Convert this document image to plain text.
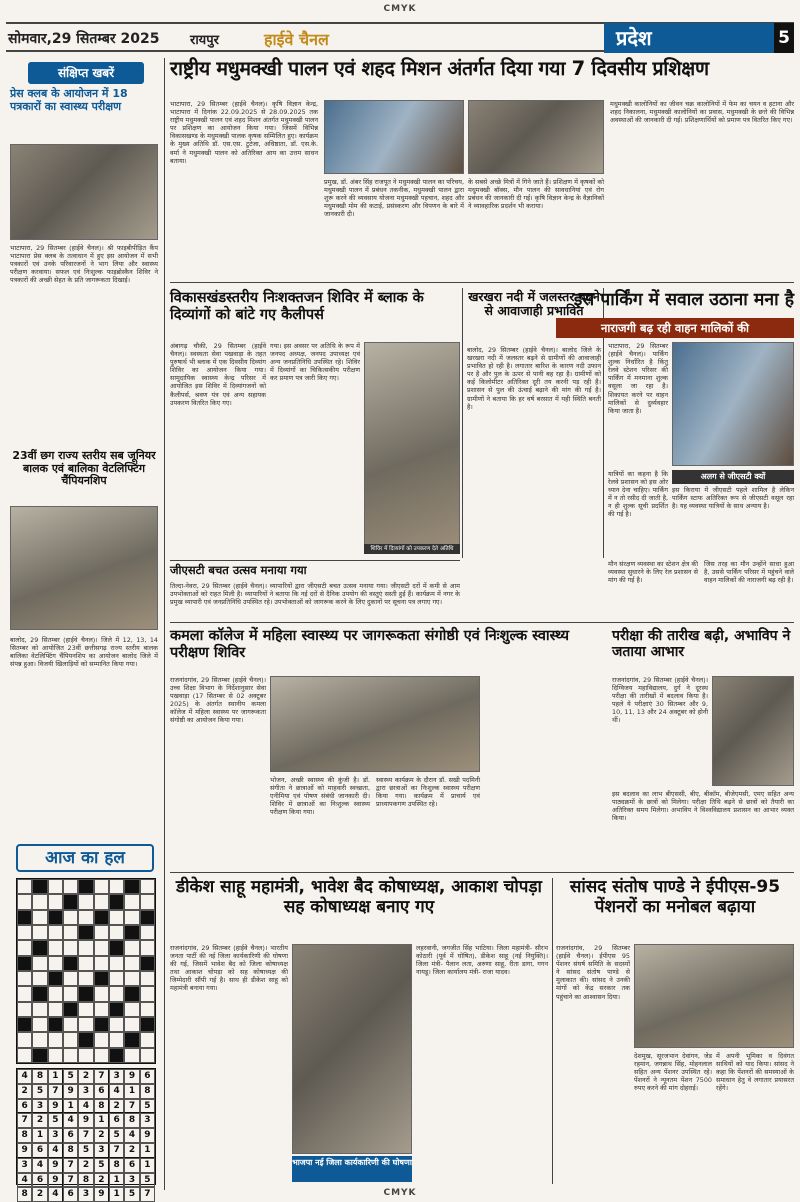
CMYK
सोमवार,29 सितम्बर 2025 रायपुर	हाईवे चैनल	प्रदेश	5
संक्षिप्त खबरें
प्रेस क्लब के आयोजन में 18 पत्रकारों का स्वास्थ्य परीक्षण
भाटापारा, 29 सितम्बर (हाईवे चैनल)। श्री फाइबीपीड़ित कैंप भाटापारा प्रेस क्लब के तत्वाधान में हुए इस आयोजन में सभी पत्रकारों एवं उनके परिवारजनों ने भाग लिया और स्वास्थ्य परीक्षण करवाया। सफल एवं निःशुल्क फाइब्रोस्कैन शिविर ने पत्रकारों की अच्छी सेहत के प्रति जागरूकता दिखाई।
23वीं छग राज्य स्तरीय सब जूनियर बालक एवं बालिका वेटलिफ्टिंग चैंपियनशिप
बालोद, 29 सितम्बर (हाईवे चैनल)। जिले में 12, 13, 14 सितम्बर को आयोजित 23वीं छत्तीसगढ़ राज्य स्तरीय बालक बालिका वेटलिफ्टिंग चैंपियनशिप का आयोजन बालोद जिले में संपन्न हुआ। विजयी खिलाड़ियों को सम्मानित किया गया।
आज का हल
4	8	1	5	2	7	3	9	6
2	5	7	9	3	6	4	1	8
6	3	9	1	4	8	2	7	5
7	2	5	4	9	1	6	8	3
8	1	3	6	7	2	5	4	9
9	6	4	8	5	3	7	2	1
3	4	9	7	2	5	8	6	1
4	6	9	7	8	2	1	3	5
8	2	4	6	3	9	1	5	7
राष्ट्रीय मधुमक्खी पालन एवं शहद मिशन अंतर्गत दिया गया 7 दिवसीय प्रशिक्षण
भाटापारा, 29 सितम्बर (हाईवे चैनल)। कृषि विज्ञान केन्द्र, भाटापारा में दिनांक 22.09.2025 से 28.09.2025 तक राष्ट्रीय मधुमक्खी पालन एवं शहद मिशन अंतर्गत मधुमक्खी पालन पर प्रशिक्षण का आयोजन किया गया। जिसमें विभिन्न विकासखण्ड के मधुमक्खी पालक कृषक सम्मिलित हुए। कार्यक्रम के मुख्य अतिथि डॉ. एस.एस. टुटेजा, अधिष्ठाता, डॉ. एस.के. वर्मा ने मधुमक्खी पालन को अतिरिक्त आय का उत्तम साधन बताया।
प्रमुख, डॉ. अंबर सिंह राजपूत ने मधुमक्खी पालन का परिचय, मधुमक्खी पालन में प्रबंधन तकनीक, मधुमक्खी पालन द्वारा शुरू करने की व्यवसाय योजना मधुमक्खी पहचान, शहद और मधुमक्खी मोम की कटाई, प्रसंस्करण और विपणन के बारे में जानकारी दी।
के सबसे अच्छे मित्रों में गिने जाते हैं। प्रशिक्षण में कृषकों को मधुमक्खी बॉक्स, मौन पालन की सावधानियां एवं रोग प्रबंधन की जानकारी दी गई। कृषि विज्ञान केन्द्र के वैज्ञानिकों ने व्यावहारिक प्रदर्शन भी कराया।
मधुमक्खी कालोनियों का जीवन चक्र कालोनियों में फेम का चयन व हटाना और शहद निकालना, मधुमक्खी कालोनियों का प्रवास, मधुमक्खी के छत्ते की विभिन्न अवस्थाओं की जानकारी दी गई। प्रशिक्षणार्थियों को प्रमाण पत्र वितरित किए गए।
विकासखंडस्तरीय निःशक्तजन शिविर में ब्लाक के दिव्यांगों को बांटे गए कैलीपर्स
अंबागढ़ चौकी, 29 सितम्बर (हाईवे चैनल)। स्वस्थता सेवा पखवाड़ा के तहत पुरुषार्थ भी ब्लाक में एक दिवसीय दिव्यांग शिविर का आयोजन किया गया। सामुदायिक स्वास्थ्य केन्द्र परिसर में आयोजित इस शिविर में दिव्यांगजनों को कैलीपर्स, श्रवण यंत्र एवं अन्य सहायक उपकरण वितरित किए गए।
गया। इस अवसर पर अतिथि के रूप में जनपद अध्यक्ष, जनपद उपाध्यक्ष एवं अन्य जनप्रतिनिधि उपस्थित रहे। शिविर में दिव्यांगों का चिकित्सकीय परीक्षण कर प्रमाण पत्र जारी किए गए।
शिविर में दिव्यांगों को उपकरण देते अतिथि
खरखरा नदी में जलस्तर बढ़ने से आवाजाही प्रभावित
बालोद, 29 सितम्बर (हाईवे चैनल)। बालोद जिले के खरखरा नदी में जलस्तर बढ़ने से ग्रामीणों की आवाजाही प्रभावित हो रही है। लगातार बारिश के कारण नदी उफान पर है और पुल के ऊपर से पानी बह रहा है। ग्रामीणों को कई किलोमीटर अतिरिक्त दूरी तय करनी पड़ रही है। प्रशासन से पुल की ऊंचाई बढ़ाने की मांग की गई है। ग्रामीणों ने बताया कि हर वर्ष बरसात में यही स्थिति बनती है।
इस पार्किंग में सवाल उठाना मना है
नाराजगी बढ़ रही वाहन मालिकों की
भाटापारा, 29 सितम्बर (हाईवे चैनल)। पार्किंग शुल्क निर्धारित है किंतु रेलवे स्टेशन परिसर की पार्किंग में मनमाना शुल्क वसूला जा रहा है। शिकायत करने पर वाहन मालिकों से दुर्व्यवहार किया जाता है।
यात्रियों का कहना है कि रेलवे प्रशासन को इस ओर ध्यान देना चाहिए। पार्किंग में न तो रसीद दी जाती है, न ही शुल्क सूची प्रदर्शित की गई है।
अलग से जीएसटी क्यों
इस किराया में जीएसटी पहले शामिल है लेकिन पार्किंग स्टाफ अतिरिक्त रूप से जीएसटी वसूल रहा है। यह व्यवस्था यात्रियों के साथ अन्याय है।
मौन संरक्षण व्यवस्था का स्टेशन क्षेत्र की व्यवस्था सुधारने के लिए रेल प्रशासन से मांग की गई है।
जिस तरह का मौन उन्होंने साधा हुआ है, उससे पार्किंग परिसर में पहुंचने वाले वाहन मालिकों की नाराजगी बढ़ रही है।
जीएसटी बचत उत्सव मनाया गया
तिल्दा-नेवरा, 29 सितम्बर (हाईवे चैनल)। व्यापारियों द्वारा जीएसटी बचत उत्सव मनाया गया। जीएसटी दरों में कमी से आम उपभोक्ताओं को राहत मिली है। व्यापारियों ने बताया कि नई दरों से दैनिक उपयोग की वस्तुएं सस्ती हुई हैं। कार्यक्रम में नगर के प्रमुख व्यापारी एवं जनप्रतिनिधि उपस्थित रहे। उपभोक्ताओं को जागरूक करने के लिए दुकानों पर सूचना पत्र लगाए गए।
कमला कॉलेज में महिला स्वास्थ्य पर जागरूकता संगोष्ठी एवं निःशुल्क स्वास्थ्य परीक्षण शिविर
राजनांदगांव, 29 सितम्बर (हाईवे चैनल)। उच्च शिक्षा विभाग के निर्देशानुसार सेवा पखवाड़ा (17 सितम्बर से 02 अक्टूबर 2025) के अंतर्गत स्थानीय कमला कॉलेज में महिला स्वास्थ्य पर जागरूकता संगोष्ठी का आयोजन किया गया।
भोजन, अच्छी स्वास्थ्य की कुंजी है। डॉ. संगीता ने छात्राओं को माहवारी स्वच्छता, एनीमिया एवं पोषण संबंधी जानकारी दी। शिविर में छात्राओं का निःशुल्क स्वास्थ्य परीक्षण किया गया।
स्वास्थ्य कार्यक्रम के दौरान डॉ. सखी पदमिनी द्वारा छात्राओं का निःशुल्क स्वास्थ्य परीक्षण किया गया। कार्यक्रम में प्राचार्य एवं प्राध्यापकगण उपस्थित रहे।
परीक्षा की तारीख बढ़ी, अभाविप ने जताया आभार
राजनांदगांव, 29 सितम्बर (हाईवे चैनल)। दिग्विजय महाविद्यालय, दुर्ग ने दूरस्थ परीक्षा की तारीखों में बदलाव किया है। पहले ये परीक्षाएं 30 सितम्बर और 9, 10, 11, 13 और 24 अक्टूबर को होनी थीं।
इस बदलाव का लाभ बीएससी, बीए, बीकॉम, बीजेएमसी, एमए सहित अन्य पाठ्यक्रमों के छात्रों को मिलेगा। परीक्षा तिथि बढ़ने से छात्रों को तैयारी का अतिरिक्त समय मिलेगा। अभाविप ने विश्वविद्यालय प्रशासन का आभार व्यक्त किया।
डीकेश साहू महामंत्री, भावेश बैद कोषाध्यक्ष, आकाश चोपड़ा सह कोषाध्यक्ष बनाए गए
राजनांदगांव, 29 सितम्बर (हाईवे चैनल)। भारतीय जनता पार्टी की नई जिला कार्यकारिणी की घोषणा की गई, जिसमें भावेश बैद को जिला कोषाध्यक्ष तथा आकाश चोपड़ा को सह कोषाध्यक्ष की जिम्मेदारी सौंपी गई है। साथ ही डीकेश साहू को महामंत्री बनाया गया।
भाजपा नई जिला कार्यकारिणी की घोषणा
लहरवानी, जगजीत सिंह भाटिया। जिला महामंत्री- सौरभ कोठारी (पूर्व में घोषित), डीकेश साहू (नई नियुक्ति)। जिला मंत्री- पैलान लता, अरुणा साहू, रीता डागा, गगन नायडू। जिला कार्यालय मंत्री- राजा यादव।
सांसद संतोष पाण्डे ने ईपीएस-95 पेंशनरों का मनोबल बढ़ाया
राजनांदगांव, 29 सितम्बर (हाईवे चैनल)। ईपीएस 95 पेंशनर संघर्ष समिति के सदस्यों ने सांसद संतोष पाण्डे से मुलाकात की। सांसद ने उनकी मांगों को केंद्र सरकार तक पहुंचाने का आश्वासन दिया।
देशमुख, सूरजभान देवांगन, जेड रहमान, जगन्नाथ सिंह, मोहनलाल सहित अन्य पेंशनर उपस्थित रहे। पेंशनरों ने न्यूनतम पेंशन 7500 रुपए करने की मांग दोहराई।
में अपनी भूमिका व दिवंगत साथियों को याद किया। सांसद ने कहा कि पेंशनरों की समस्याओं के समाधान हेतु वे लगातार प्रयासरत रहेंगे।
CMYK
